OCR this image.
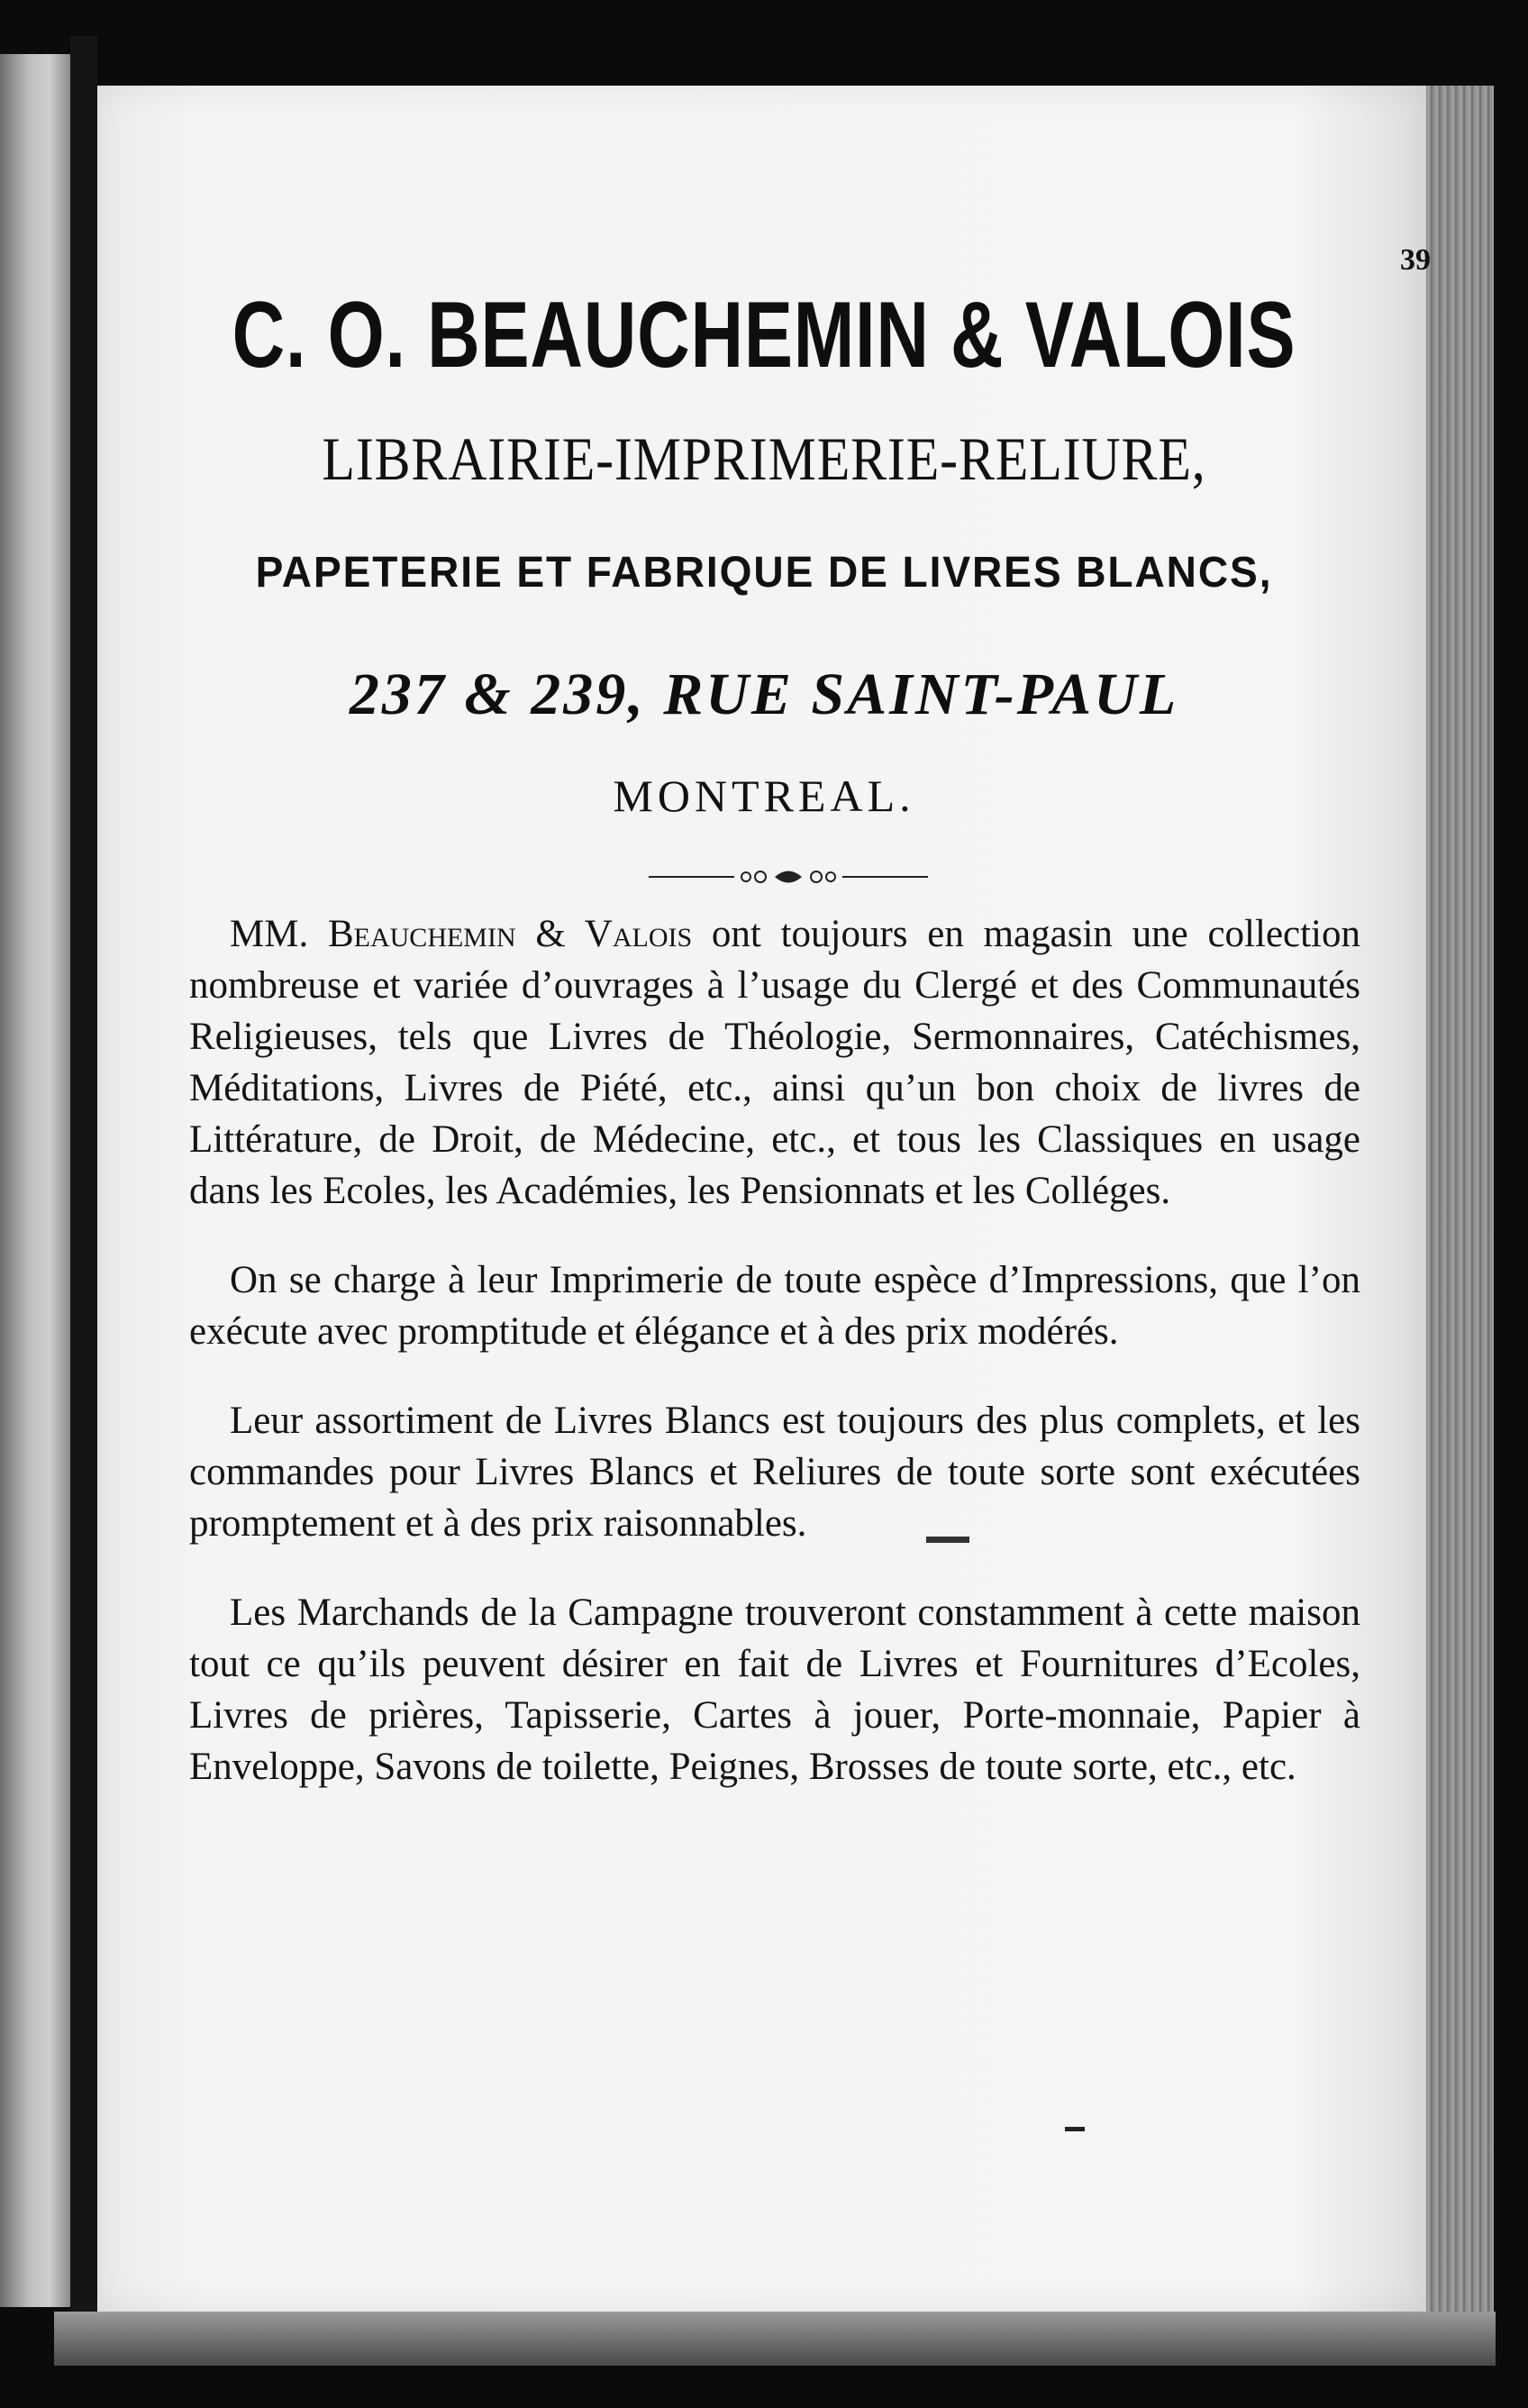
39
C. O. BEAUCHEMIN & VALOIS
LIBRAIRIE-IMPRIMERIE-RELIURE,
PAPETERIE ET FABRIQUE DE LIVRES BLANCS,
237 & 239, RUE SAINT-PAUL
MONTREAL.

MM. Beauchemin & Valois ont toujours en magasin une collection nombreuse et variée d’ouvrages à l’usage du Clergé et des Communautés Religieuses, tels que Livres de Théologie, Sermonnaires, Catéchismes, Méditations, Livres de Piété, etc., ainsi qu’un bon choix de livres de Littérature, de Droit, de Médecine, etc., et tous les Classiques en usage dans les Ecoles, les Académies, les Pensionnats et les Colléges.

On se charge à leur Imprimerie de toute espèce d’Impressions, que l’on exécute avec promptitude et élégance et à des prix modérés.

Leur assortiment de Livres Blancs est toujours des plus complets, et les commandes pour Livres Blancs et Reliures de toute sorte sont exécutées promptement et à des prix raisonnables.

Les Marchands de la Campagne trouveront constamment à cette maison tout ce qu’ils peuvent désirer en fait de Livres et Fournitures d’Ecoles, Livres de prières, Tapisserie, Cartes à jouer, Porte-monnaie, Papier à Enveloppe, Savons de toilette, Peignes, Brosses de toute sorte, etc., etc.
